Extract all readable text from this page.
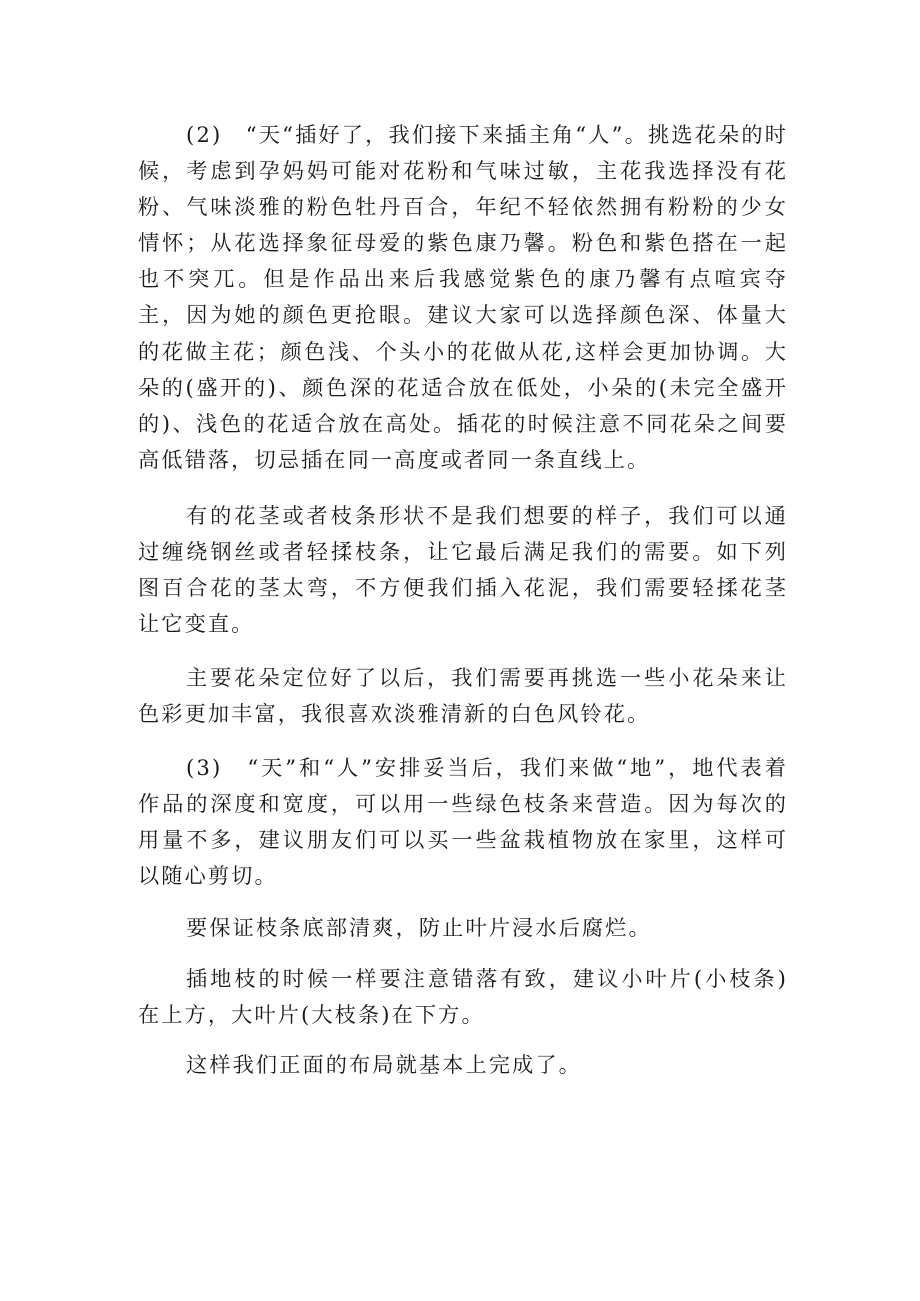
(2)　“天“插好了，我们接下来插主角“人”。挑选花朵的时候，考虑到孕妈妈可能对花粉和气味过敏，主花我选择没有花粉、气味淡雅的粉色牡丹百合，年纪不轻依然拥有粉粉的少女情怀；从花选择象征母爱的紫色康乃馨。粉色和紫色搭在一起也不突兀。但是作品出来后我感觉紫色的康乃馨有点喧宾夺主，因为她的颜色更抢眼。建议大家可以选择颜色深、体量大的花做主花；颜色浅、个头小的花做从花,这样会更加协调。大朵的(盛开的)、颜色深的花适合放在低处，小朵的(未完全盛开的)、浅色的花适合放在高处。插花的时候注意不同花朵之间要高低错落，切忌插在同一高度或者同一条直线上。

有的花茎或者枝条形状不是我们想要的样子，我们可以通过缠绕钢丝或者轻揉枝条，让它最后满足我们的需要。如下列图百合花的茎太弯，不方便我们插入花泥，我们需要轻揉花茎让它变直。

主要花朵定位好了以后，我们需要再挑选一些小花朵来让色彩更加丰富，我很喜欢淡雅清新的白色风铃花。

(3)　“天”和“人”安排妥当后，我们来做“地”，地代表着作品的深度和宽度，可以用一些绿色枝条来营造。因为每次的用量不多，建议朋友们可以买一些盆栽植物放在家里，这样可以随心剪切。

要保证枝条底部清爽，防止叶片浸水后腐烂。

插地枝的时候一样要注意错落有致，建议小叶片(小枝条)在上方，大叶片(大枝条)在下方。

这样我们正面的布局就基本上完成了。
